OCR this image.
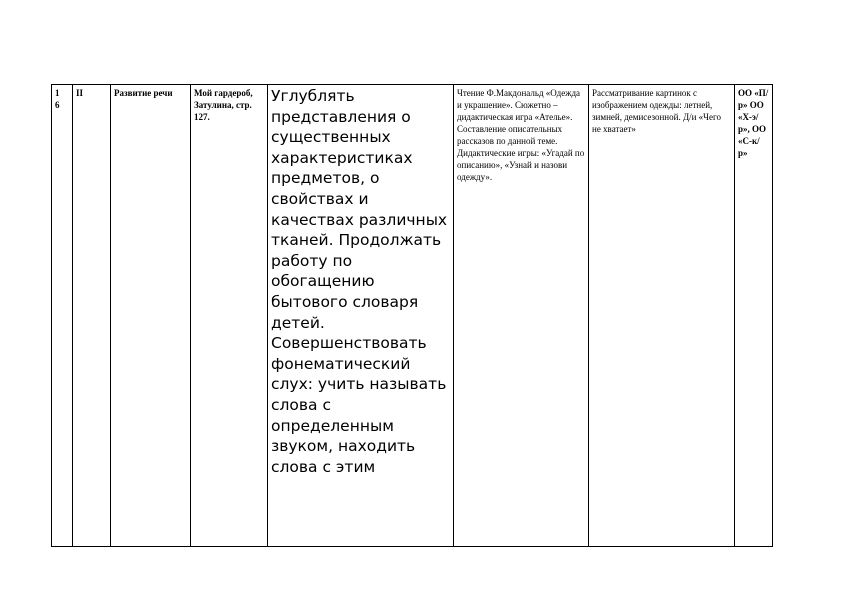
1
6	II	Развитие речи	Мой гардероб, Затулина, стр. 127.	Углублять представления о существенных характеристиках предметов, о свойствах и качествах различных тканей. Продолжать работу по обогащению бытового словаря детей. Совершенствовать фонематический слух: учить называть слова с определенным звуком, находить слова с этим	Чтение Ф.Макдональд «Одежда и украшение». Сюжетно – дидактическая игра «Ателье». Составление описательных рассказов по данной теме. Дидактические игры: «Угадай по описанию», «Узнай и назови одежду».	Рассматривание картинок с изображением одежды: летней, зимней, демисезонной. Д/и «Чего не хватает»	ОО «П/р» ОО «Х-э/р», ОО «С-к/р»
